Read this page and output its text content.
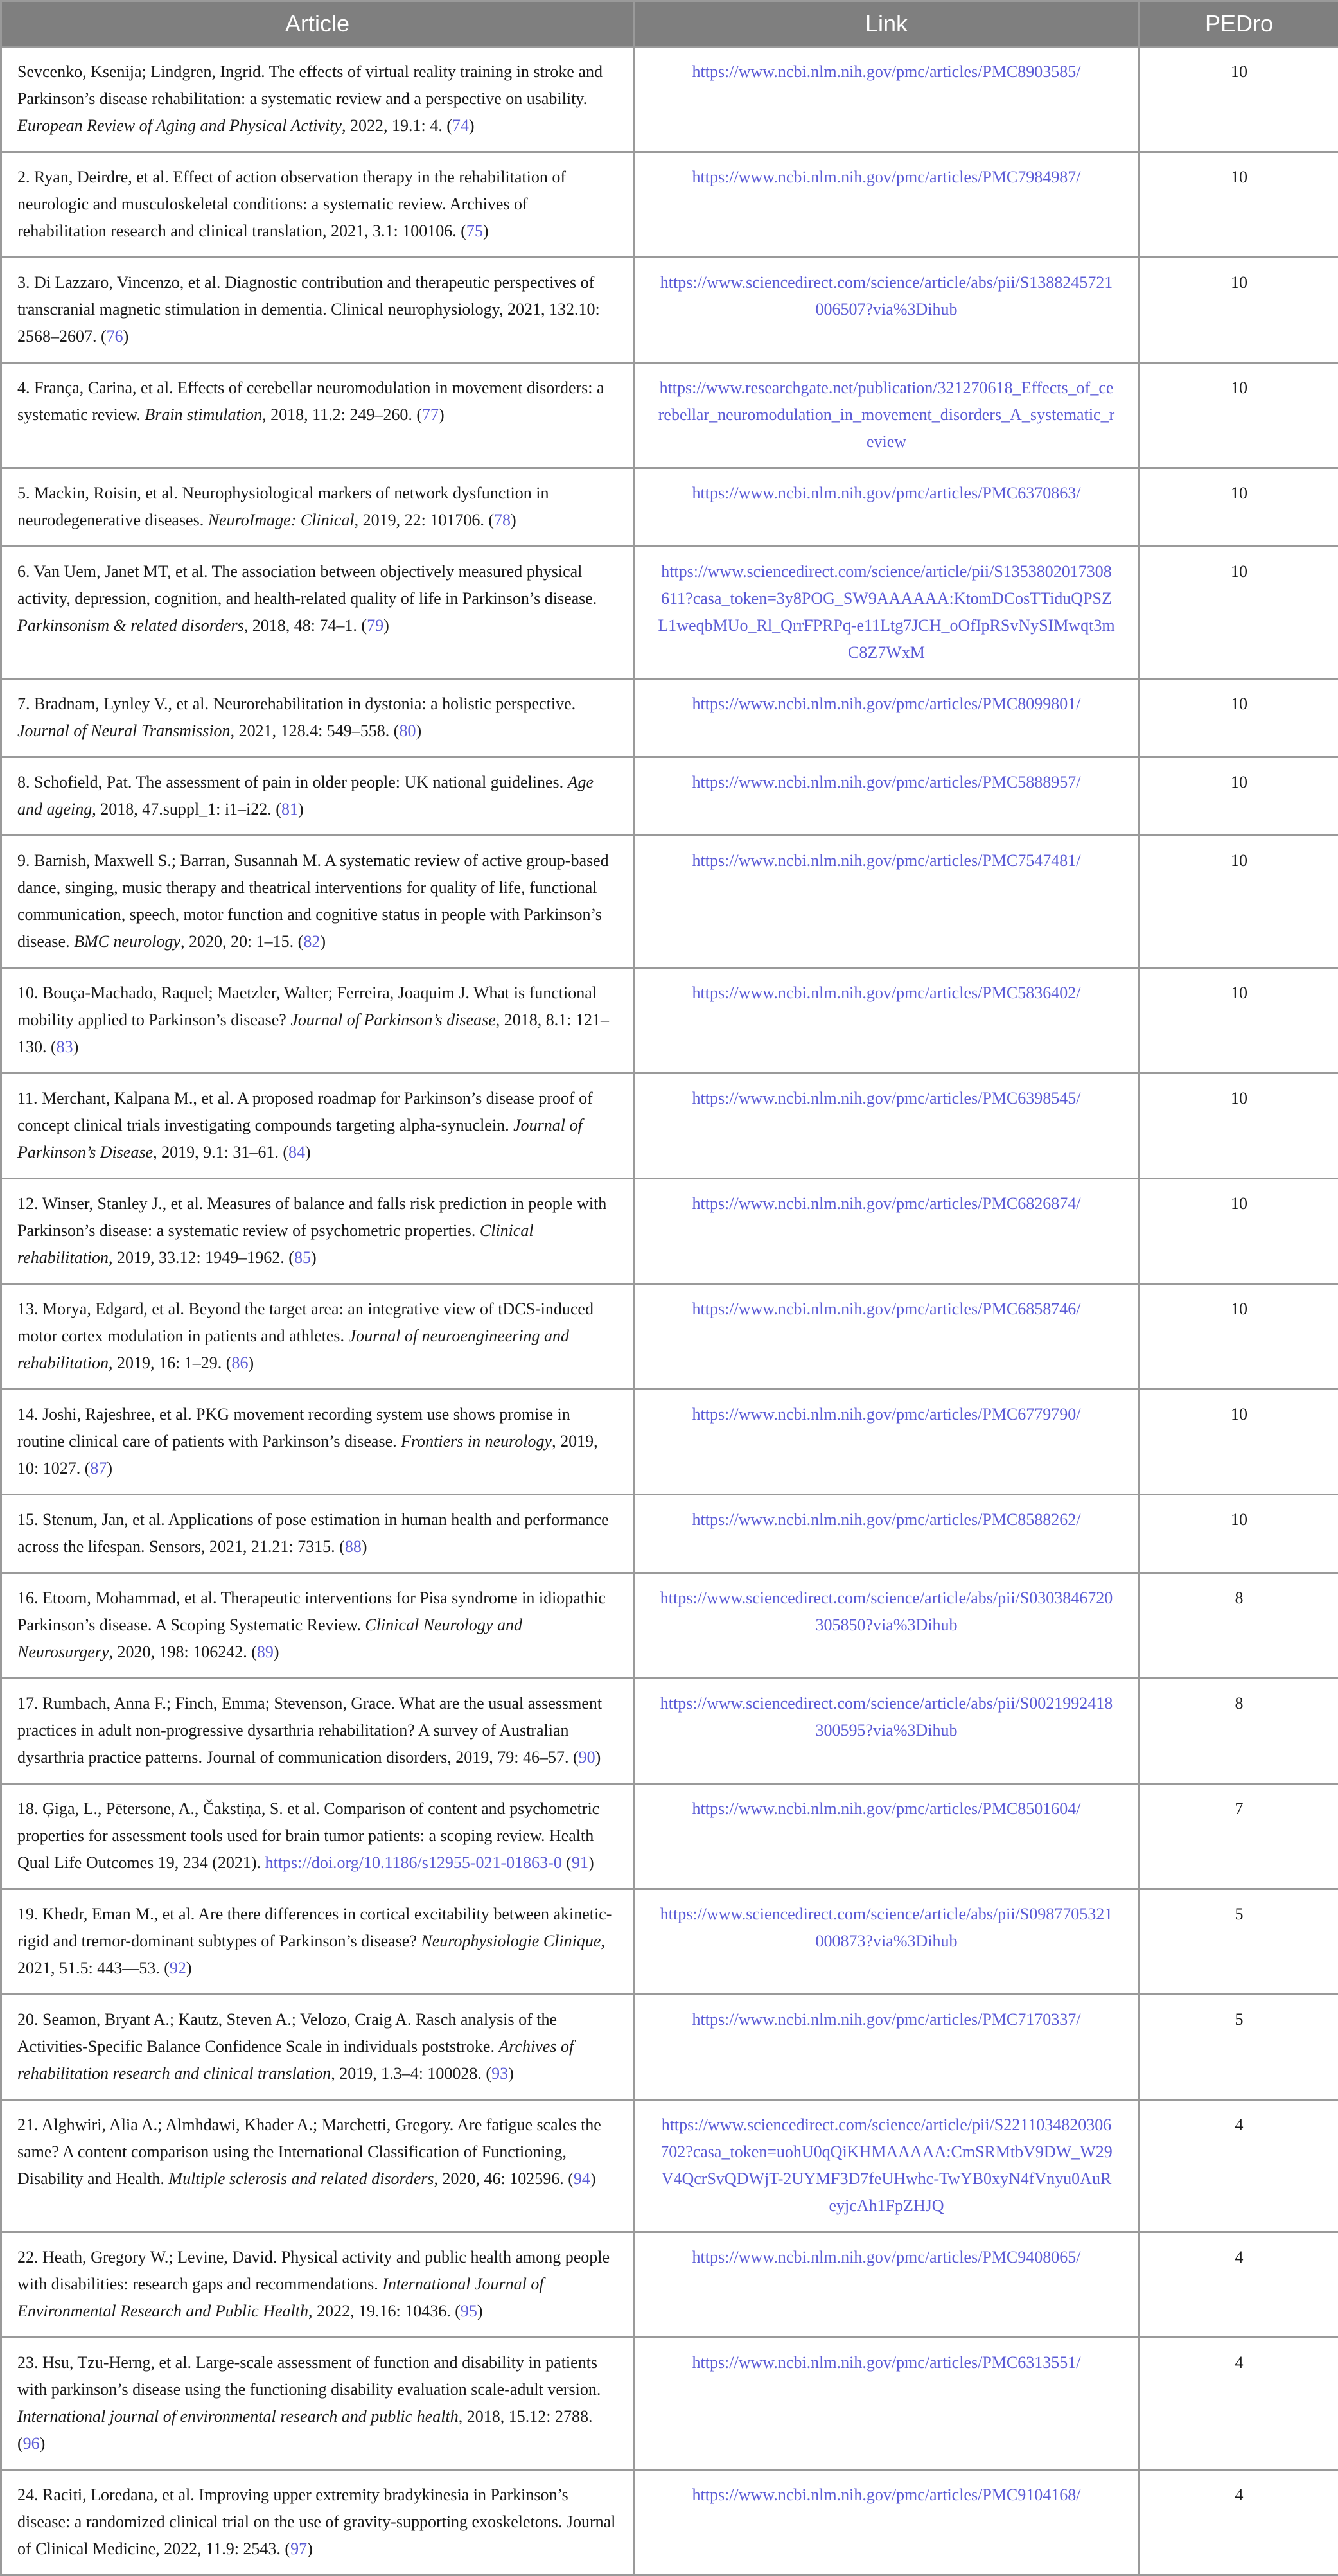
Article	Link	PEDro
Sevcenko, Ksenija; Lindgren, Ingrid. The effects of virtual reality training in stroke and Parkinson’s disease rehabilitation: a systematic review and a perspective on usability. European Review of Aging and Physical Activity, 2022, 19.1: 4. (74)	https://www.ncbi.nlm.nih.gov/pmc/articles/PMC8903585/	10
2. Ryan, Deirdre, et al. Effect of action observation therapy in the rehabilitation of neurologic and musculoskeletal conditions: a systematic review. Archives of rehabilitation research and clinical translation, 2021, 3.1: 100106. (75)	https://www.ncbi.nlm.nih.gov/pmc/articles/PMC7984987/	10
3. Di Lazzaro, Vincenzo, et al. Diagnostic contribution and therapeutic perspectives of transcranial magnetic stimulation in dementia. Clinical neurophysiology, 2021, 132.10: 2568–2607. (76)	https://www.sciencedirect.com/science/article/abs/pii/S1388245721006507?via%3Dihub	10
4. França, Carina, et al. Effects of cerebellar neuromodulation in movement disorders: a systematic review. Brain stimulation, 2018, 11.2: 249–260. (77)	https://www.researchgate.net/publication/321270618_Effects_of_cerebellar_neuromodulation_in_movement_disorders_A_systematic_review	10
5. Mackin, Roisin, et al. Neurophysiological markers of network dysfunction in neurodegenerative diseases. NeuroImage: Clinical, 2019, 22: 101706. (78)	https://www.ncbi.nlm.nih.gov/pmc/articles/PMC6370863/	10
6. Van Uem, Janet MT, et al. The association between objectively measured physical activity, depression, cognition, and health-related quality of life in Parkinson’s disease. Parkinsonism & related disorders, 2018, 48: 74–1. (79)	https://www.sciencedirect.com/science/article/pii/S1353802017308611?casa_token=3y8POG_SW9AAAAAA:KtomDCosTTiduQPSZL1weqbMUo_Rl_QrrFPRPq-e11Ltg7JCH_oOfIpRSvNySIMwqt3mC8Z7WxM	10
7. Bradnam, Lynley V., et al. Neurorehabilitation in dystonia: a holistic perspective. Journal of Neural Transmission, 2021, 128.4: 549–558. (80)	https://www.ncbi.nlm.nih.gov/pmc/articles/PMC8099801/	10
8. Schofield, Pat. The assessment of pain in older people: UK national guidelines. Age and ageing, 2018, 47.suppl_1: i1–i22. (81)	https://www.ncbi.nlm.nih.gov/pmc/articles/PMC5888957/	10
9. Barnish, Maxwell S.; Barran, Susannah M. A systematic review of active group-based dance, singing, music therapy and theatrical interventions for quality of life, functional communication, speech, motor function and cognitive status in people with Parkinson’s disease. BMC neurology, 2020, 20: 1–15. (82)	https://www.ncbi.nlm.nih.gov/pmc/articles/PMC7547481/	10
10. Bouça-Machado, Raquel; Maetzler, Walter; Ferreira, Joaquim J. What is functional mobility applied to Parkinson’s disease? Journal of Parkinson’s disease, 2018, 8.1: 121–130. (83)	https://www.ncbi.nlm.nih.gov/pmc/articles/PMC5836402/	10
11. Merchant, Kalpana M., et al. A proposed roadmap for Parkinson’s disease proof of concept clinical trials investigating compounds targeting alpha-synuclein. Journal of Parkinson’s Disease, 2019, 9.1: 31–61. (84)	https://www.ncbi.nlm.nih.gov/pmc/articles/PMC6398545/	10
12. Winser, Stanley J., et al. Measures of balance and falls risk prediction in people with Parkinson’s disease: a systematic review of psychometric properties. Clinical rehabilitation, 2019, 33.12: 1949–1962. (85)	https://www.ncbi.nlm.nih.gov/pmc/articles/PMC6826874/	10
13. Morya, Edgard, et al. Beyond the target area: an integrative view of tDCS-induced motor cortex modulation in patients and athletes. Journal of neuroengineering and rehabilitation, 2019, 16: 1–29. (86)	https://www.ncbi.nlm.nih.gov/pmc/articles/PMC6858746/	10
14. Joshi, Rajeshree, et al. PKG movement recording system use shows promise in routine clinical care of patients with Parkinson’s disease. Frontiers in neurology, 2019, 10: 1027. (87)	https://www.ncbi.nlm.nih.gov/pmc/articles/PMC6779790/	10
15. Stenum, Jan, et al. Applications of pose estimation in human health and performance across the lifespan. Sensors, 2021, 21.21: 7315. (88)	https://www.ncbi.nlm.nih.gov/pmc/articles/PMC8588262/	10
16. Etoom, Mohammad, et al. Therapeutic interventions for Pisa syndrome in idiopathic Parkinson’s disease. A Scoping Systematic Review. Clinical Neurology and Neurosurgery, 2020, 198: 106242. (89)	https://www.sciencedirect.com/science/article/abs/pii/S0303846720305850?via%3Dihub	8
17. Rumbach, Anna F.; Finch, Emma; Stevenson, Grace. What are the usual assessment practices in adult non-progressive dysarthria rehabilitation? A survey of Australian dysarthria practice patterns. Journal of communication disorders, 2019, 79: 46–57. (90)	https://www.sciencedirect.com/science/article/abs/pii/S0021992418300595?via%3Dihub	8
18. Ģiga, L., Pētersone, A., Čakstiņa, S. et al. Comparison of content and psychometric properties for assessment tools used for brain tumor patients: a scoping review. Health Qual Life Outcomes 19, 234 (2021). https://doi.org/10.1186/s12955-021-01863-0 (91)	https://www.ncbi.nlm.nih.gov/pmc/articles/PMC8501604/	7
19. Khedr, Eman M., et al. Are there differences in cortical excitability between akinetic-rigid and tremor-dominant subtypes of Parkinson’s disease? Neurophysiologie Clinique, 2021, 51.5: 443—53. (92)	https://www.sciencedirect.com/science/article/abs/pii/S0987705321000873?via%3Dihub	5
20. Seamon, Bryant A.; Kautz, Steven A.; Velozo, Craig A. Rasch analysis of the Activities-Specific Balance Confidence Scale in individuals poststroke. Archives of rehabilitation research and clinical translation, 2019, 1.3–4: 100028. (93)	https://www.ncbi.nlm.nih.gov/pmc/articles/PMC7170337/	5
21. Alghwiri, Alia A.; Almhdawi, Khader A.; Marchetti, Gregory. Are fatigue scales the same? A content comparison using the International Classification of Functioning, Disability and Health. Multiple sclerosis and related disorders, 2020, 46: 102596. (94)	https://www.sciencedirect.com/science/article/pii/S2211034820306702?casa_token=uohU0qQiKHMAAAAA:CmSRMtbV9DW_W29V4QcrSvQDWjT-2UYMF3D7feUHwhc-TwYB0xyN4fVnyu0AuReyjcAh1FpZHJQ	4
22. Heath, Gregory W.; Levine, David. Physical activity and public health among people with disabilities: research gaps and recommendations. International Journal of Environmental Research and Public Health, 2022, 19.16: 10436. (95)	https://www.ncbi.nlm.nih.gov/pmc/articles/PMC9408065/	4
23. Hsu, Tzu-Herng, et al. Large-scale assessment of function and disability in patients with parkinson’s disease using the functioning disability evaluation scale-adult version. International journal of environmental research and public health, 2018, 15.12: 2788. (96)	https://www.ncbi.nlm.nih.gov/pmc/articles/PMC6313551/	4
24. Raciti, Loredana, et al. Improving upper extremity bradykinesia in Parkinson’s disease: a randomized clinical trial on the use of gravity-supporting exoskeletons. Journal of Clinical Medicine, 2022, 11.9: 2543. (97)	https://www.ncbi.nlm.nih.gov/pmc/articles/PMC9104168/	4
